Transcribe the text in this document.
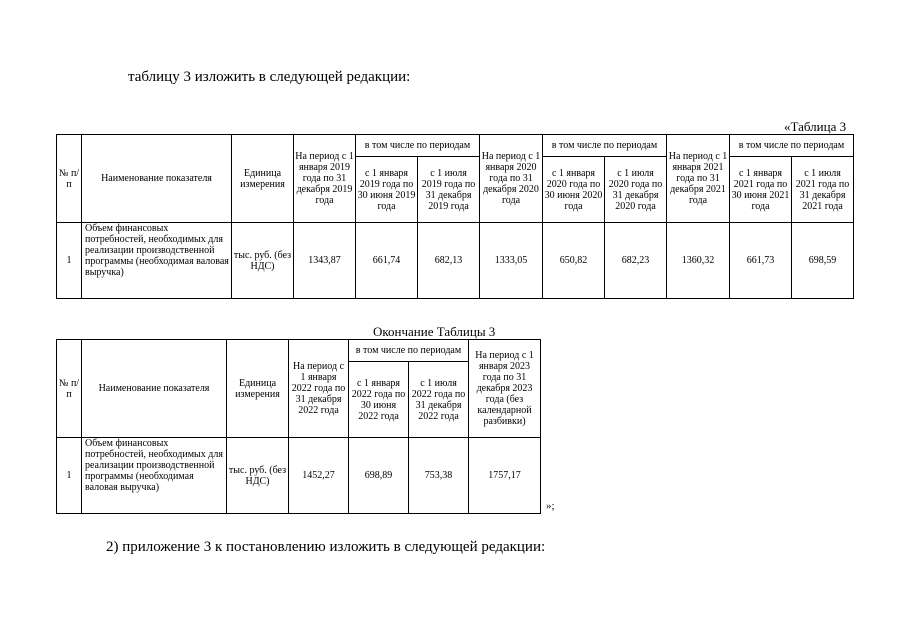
таблицу 3 изложить в следующей редакции:
«Таблица 3
№ п/п	Наименование показателя	Единица измерения	На период с 1 января 2019 года по 31 декабря 2019 года	в том числе по периодам		На период с 1 января 2020 года по 31 декабря 2020 года	в том числе по периодам		На период с 1 января 2021 года по 31 декабря 2021 года	в том числе по периодам	
				с 1 января 2019 года по 30 июня 2019 года	с 1 июля 2019 года по 31 декабря 2019 года		с 1 января 2020 года по 30 июня 2020 года	с 1 июля 2020 года по 31 декабря 2020 года		с 1 января 2021 года по 30 июня 2021 года	с 1 июля 2021 года по 31 декабря 2021 года
1	Объем финансовых потребностей, необходимых для реализации производственной программы (необходимая валовая выручка)	тыс. руб. (без НДС)	1343,87	661,74	682,13	1333,05	650,82	682,23	1360,32	661,73	698,59
Окончание Таблицы 3
№ п/п	Наименование показателя	Единица измерения	На период с 1 января 2022 года по 31 декабря 2022 года	в том числе по периодам		На период с 1 января 2023 года по 31 декабря 2023 года (без календарной разбивки)
				с 1 января 2022 года по 30 июня 2022 года	с 1 июля 2022 года по 31 декабря 2022 года	
1	Объем финансовых потребностей, необходимых для реализации производственной программы (необходимая валовая выручка)	тыс. руб. (без НДС)	1452,27	698,89	753,38	1757,17
»;
2) приложение 3 к постановлению изложить в следующей редакции:
